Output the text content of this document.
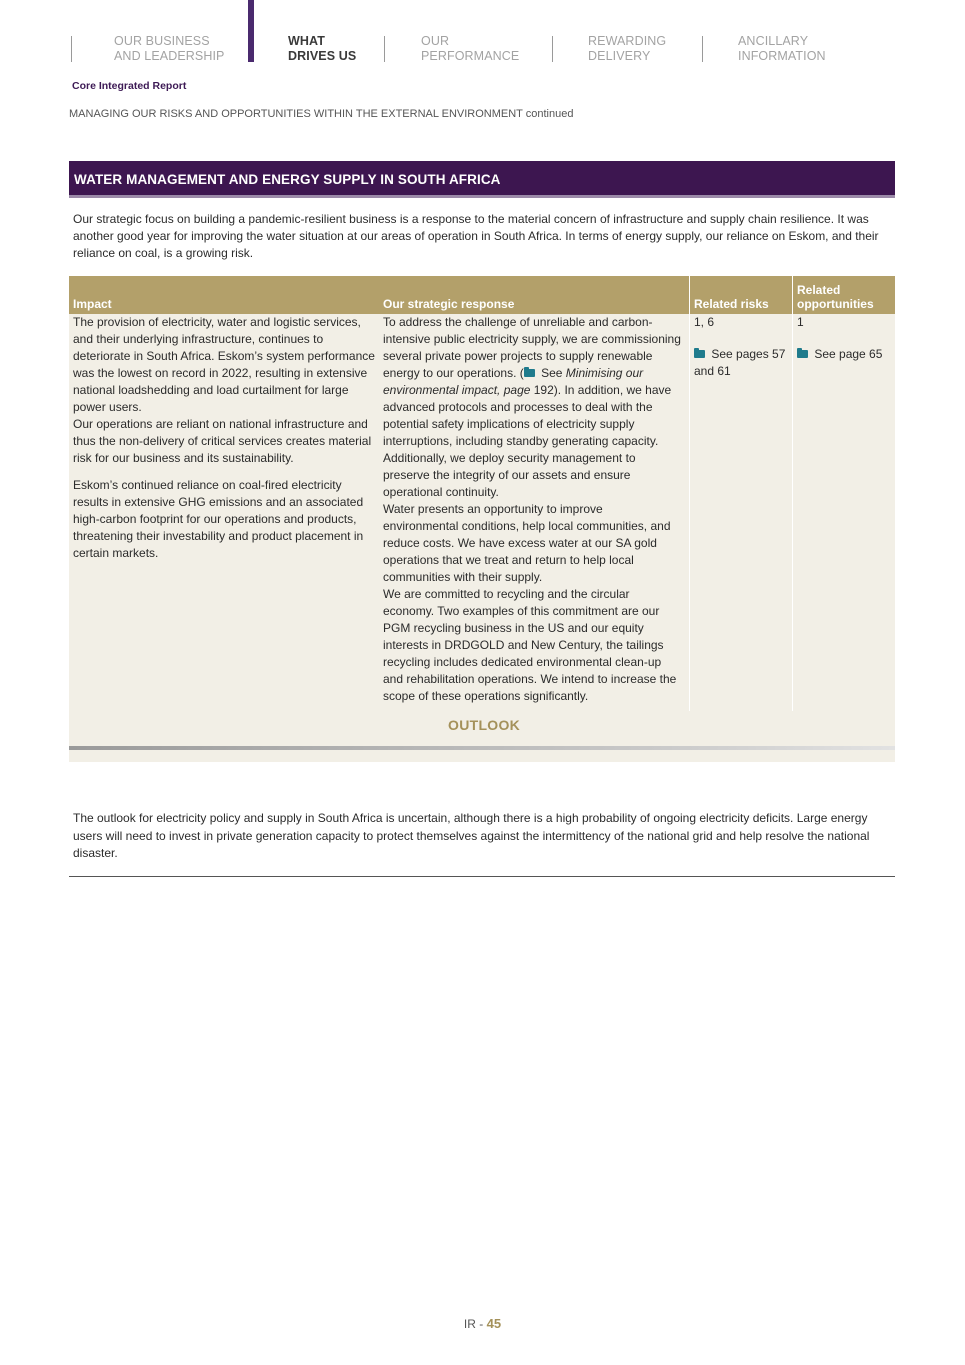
OUR BUSINESS
AND LEADERSHIP
WHAT
DRIVES US
OUR
PERFORMANCE
REWARDING
DELIVERY
ANCILLARY
INFORMATION
Core Integrated Report
MANAGING OUR RISKS AND OPPORTUNITIES WITHIN THE EXTERNAL ENVIRONMENT continued
WATER MANAGEMENT AND ENERGY SUPPLY IN SOUTH AFRICA

Our strategic focus on building a pandemic-resilient business is a response to the material concern of infrastructure and supply chain resilience. It was another good year for improving the water situation at our areas of operation in South Africa. In terms of energy supply, our reliance on Eskom, and their reliance on coal, is a growing risk.

Impact	Our strategic response	Related risks
Related opportunities

The provision of electricity, water and logistic services, and their underlying infrastructure, continues to deteriorate in South Africa. Eskom’s system performance was the lowest on record in 2022, resulting in extensive national loadshedding and load curtailment for large power users.

Our operations are reliant on national infrastructure and thus the non-delivery of critical services creates material risk for our business and its sustainability.

Eskom’s continued reliance on coal-fired electricity results in extensive GHG emissions and an associated high-carbon footprint for our operations and products, threatening their investability and product placement in certain markets.

To address the challenge of unreliable and carbon-intensive public electricity supply, we are commissioning several private power projects to supply renewable energy to our operations. ( See Minimising our environmental impact, page 192). In addition, we have advanced protocols and processes to deal with the potential safety implications of electricity supply interruptions, including standby generating capacity. Additionally, we deploy security management to preserve the integrity of our assets and ensure operational continuity.

Water presents an opportunity to improve environmental conditions, help local communities, and reduce costs. We have excess water at our SA gold operations that we treat and return to help local communities with their supply.

We are committed to recycling and the circular economy. Two examples of this commitment are our PGM recycling business in the US and our equity interests in DRDGOLD and New Century, the tailings recycling includes dedicated environmental clean-up and rehabilitation operations. We intend to increase the scope of these operations significantly.

1, 6

See pages 57 and 61

1

See page 65

OUTLOOK

The outlook for electricity policy and supply in South Africa is uncertain, although there is a high probability of ongoing electricity deficits. Large energy users will need to invest in private generation capacity to protect themselves against the intermittency of the national grid and help resolve the national disaster.

IR - 45
